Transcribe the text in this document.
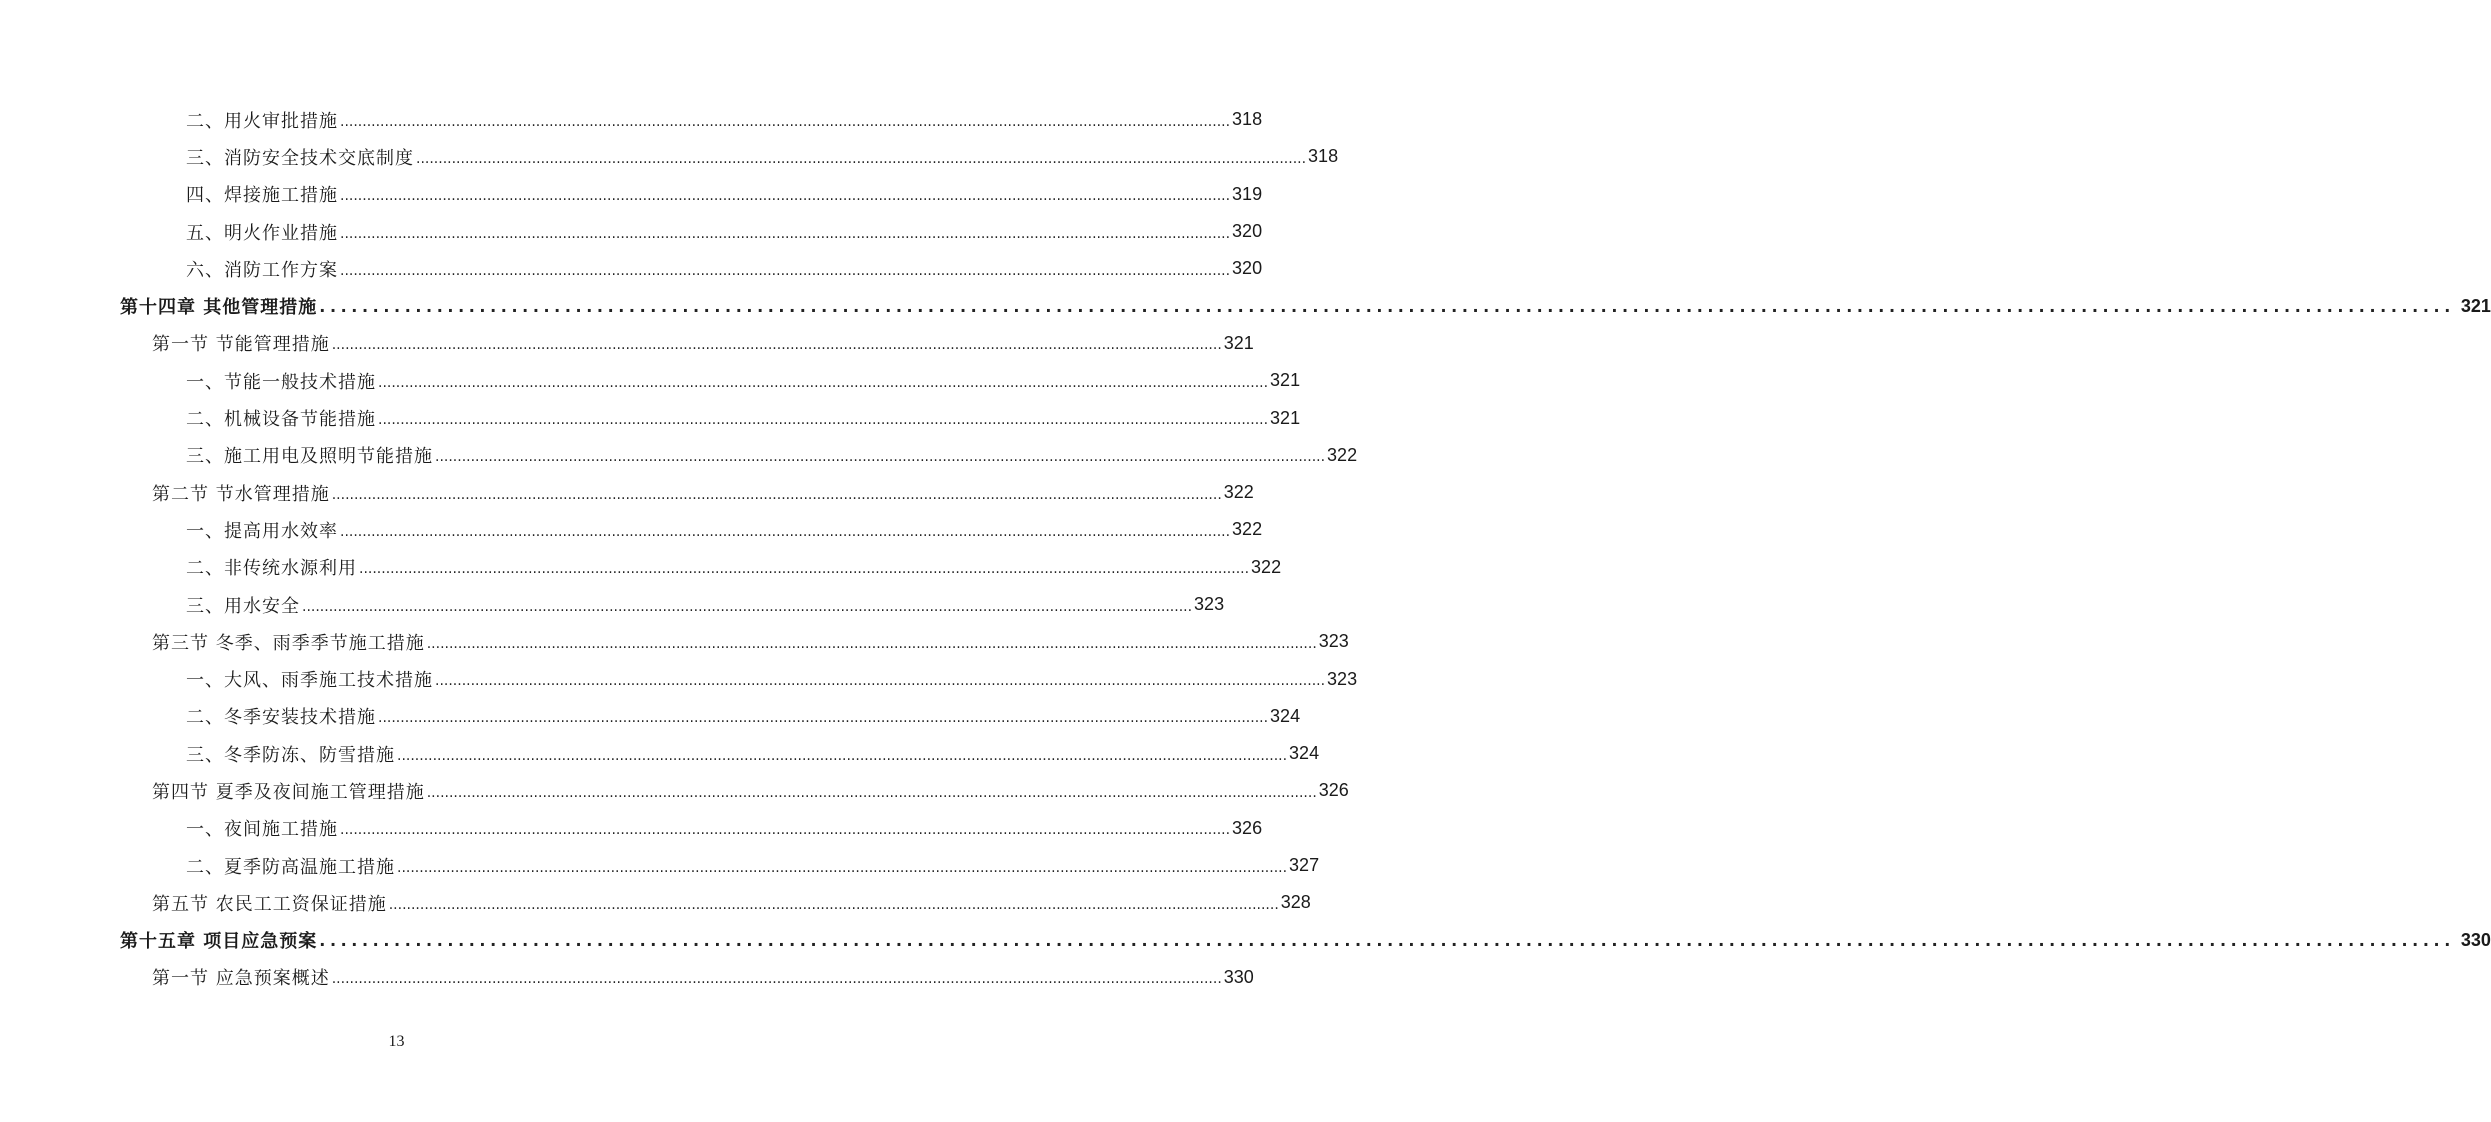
二、用火审批措施 ........................................................................................................................................................................................................ 318
三、消防安全技术交底制度 ........................................................................................................................................................................................................ 318
四、焊接施工措施 ........................................................................................................................................................................................................ 319
五、明火作业措施 ........................................................................................................................................................................................................ 320
六、消防工作方案 ........................................................................................................................................................................................................ 320
第十四章 其他管理措施 ........................................................................................................................................................................................................ 321
第一节 节能管理措施 ........................................................................................................................................................................................................ 321
一、节能一般技术措施 ........................................................................................................................................................................................................ 321
二、机械设备节能措施 ........................................................................................................................................................................................................ 321
三、施工用电及照明节能措施 ........................................................................................................................................................................................................ 322
第二节 节水管理措施 ........................................................................................................................................................................................................ 322
一、提高用水效率 ........................................................................................................................................................................................................ 322
二、非传统水源利用 ........................................................................................................................................................................................................ 322
三、用水安全 ........................................................................................................................................................................................................ 323
第三节 冬季、雨季季节施工措施 ........................................................................................................................................................................................................ 323
一、大风、雨季施工技术措施 ........................................................................................................................................................................................................ 323
二、冬季安装技术措施 ........................................................................................................................................................................................................ 324
三、冬季防冻、防雪措施 ........................................................................................................................................................................................................ 324
第四节 夏季及夜间施工管理措施 ........................................................................................................................................................................................................ 326
一、夜间施工措施 ........................................................................................................................................................................................................ 326
二、夏季防高温施工措施 ........................................................................................................................................................................................................ 327
第五节 农民工工资保证措施 ........................................................................................................................................................................................................ 328
第十五章 项目应急预案 ........................................................................................................................................................................................................ 330
第一节 应急预案概述 ........................................................................................................................................................................................................ 330
13
